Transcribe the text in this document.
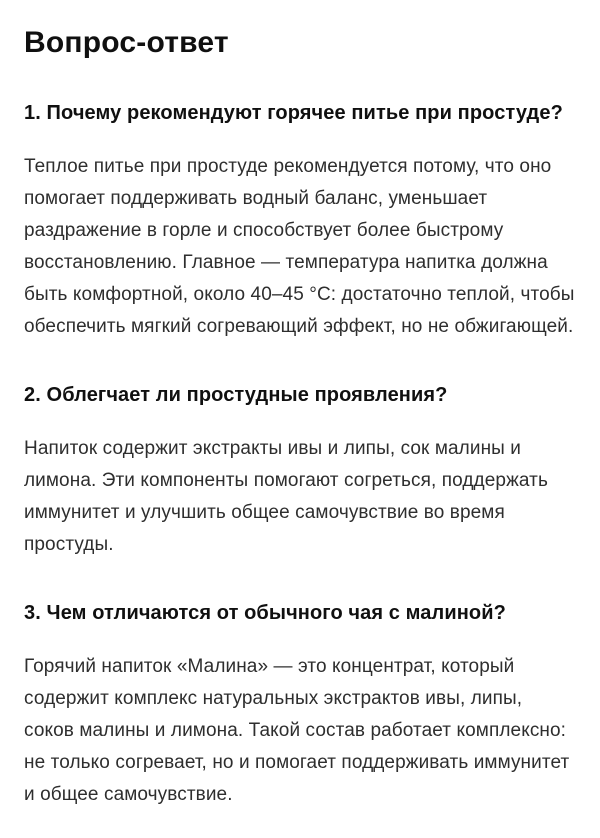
Вопрос-ответ
1. Почему рекомендуют горячее питье при простуде?

Теплое питье при простуде рекомендуется потому, что оно помогает поддерживать водный баланс, уменьшает раздражение в горле и способствует более быстрому восстановлению. Главное — температура напитка должна быть комфортной, около 40–45 °C: достаточно теплой, чтобы обеспечить мягкий согревающий эффект, но не обжигающей.

2. Облегчает ли простудные проявления?

Напиток содержит экстракты ивы и липы, сок малины и лимона. Эти компоненты помогают согреться, поддержать иммунитет и улучшить общее самочувствие во время простуды.

3. Чем отличаются от обычного чая с малиной?

Горячий напиток «Малина» — это концентрат, который содержит комплекс натуральных экстрактов ивы, липы, соков малины и лимона. Такой состав работает комплексно: не только согревает, но и помогает поддерживать иммунитет и общее самочувствие.
